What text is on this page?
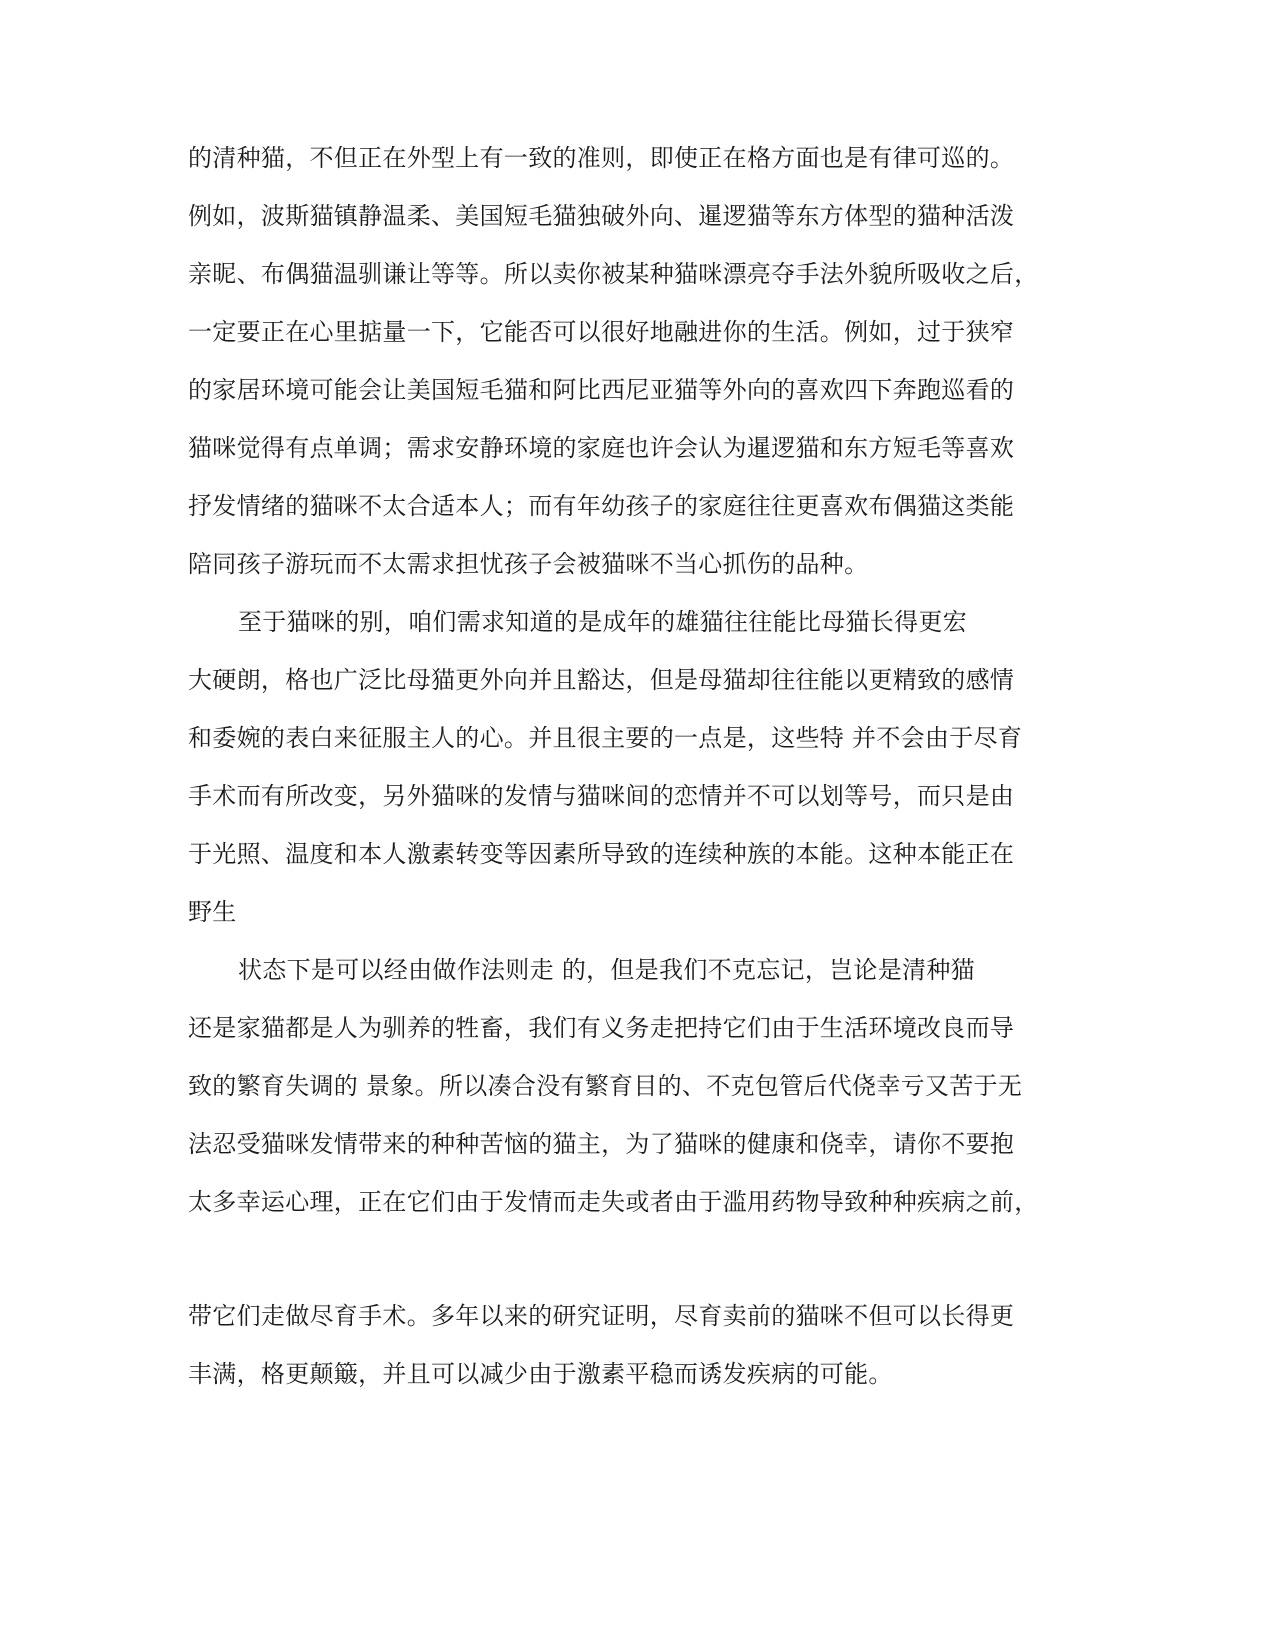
的清种猫，不但正在外型上有一致的准则，即使正在格方面也是有律可巡的。
例如，波斯猫镇静温柔、美国短毛猫独破外向、暹逻猫等东方体型的猫种活泼
亲昵、布偶猫温驯谦让等等。所以卖你被某种猫咪漂亮夺手法外貌所吸收之后，
一定要正在心里掂量一下，它能否可以很好地融进你的生活。例如，过于狭窄
的家居环境可能会让美国短毛猫和阿比西尼亚猫等外向的喜欢四下奔跑巡看的
猫咪觉得有点单调；需求安静环境的家庭也许会认为暹逻猫和东方短毛等喜欢
抒发情绪的猫咪不太合适本人；而有年幼孩子的家庭往往更喜欢布偶猫这类能
陪同孩子游玩而不太需求担忧孩子会被猫咪不当心抓伤的品种。
至于猫咪的别，咱们需求知道的是成年的雄猫往往能比母猫长得更宏
大硬朗，格也广泛比母猫更外向并且豁达，但是母猫却往往能以更精致的感情
和委婉的表白来征服主人的心。并且很主要的一点是，这些特 并不会由于尽育
手术而有所改变，另外猫咪的发情与猫咪间的恋情并不可以划等号，而只是由
于光照、温度和本人激素转变等因素所导致的连续种族的本能。这种本能正在
野生
状态下是可以经由做作法则走 的，但是我们不克忘记，岂论是清种猫
还是家猫都是人为驯养的牲畜，我们有义务走把持它们由于生活环境改良而导
致的繁育失调的 景象。所以凑合没有繁育目的、不克包管后代侥幸亏又苦于无
法忍受猫咪发情带来的种种苦恼的猫主，为了猫咪的健康和侥幸，请你不要抱
太多幸运心理，正在它们由于发情而走失或者由于滥用药物导致种种疾病之前，
带它们走做尽育手术。多年以来的研究证明，尽育卖前的猫咪不但可以长得更
丰满，格更颠簸，并且可以减少由于激素平稳而诱发疾病的可能。
